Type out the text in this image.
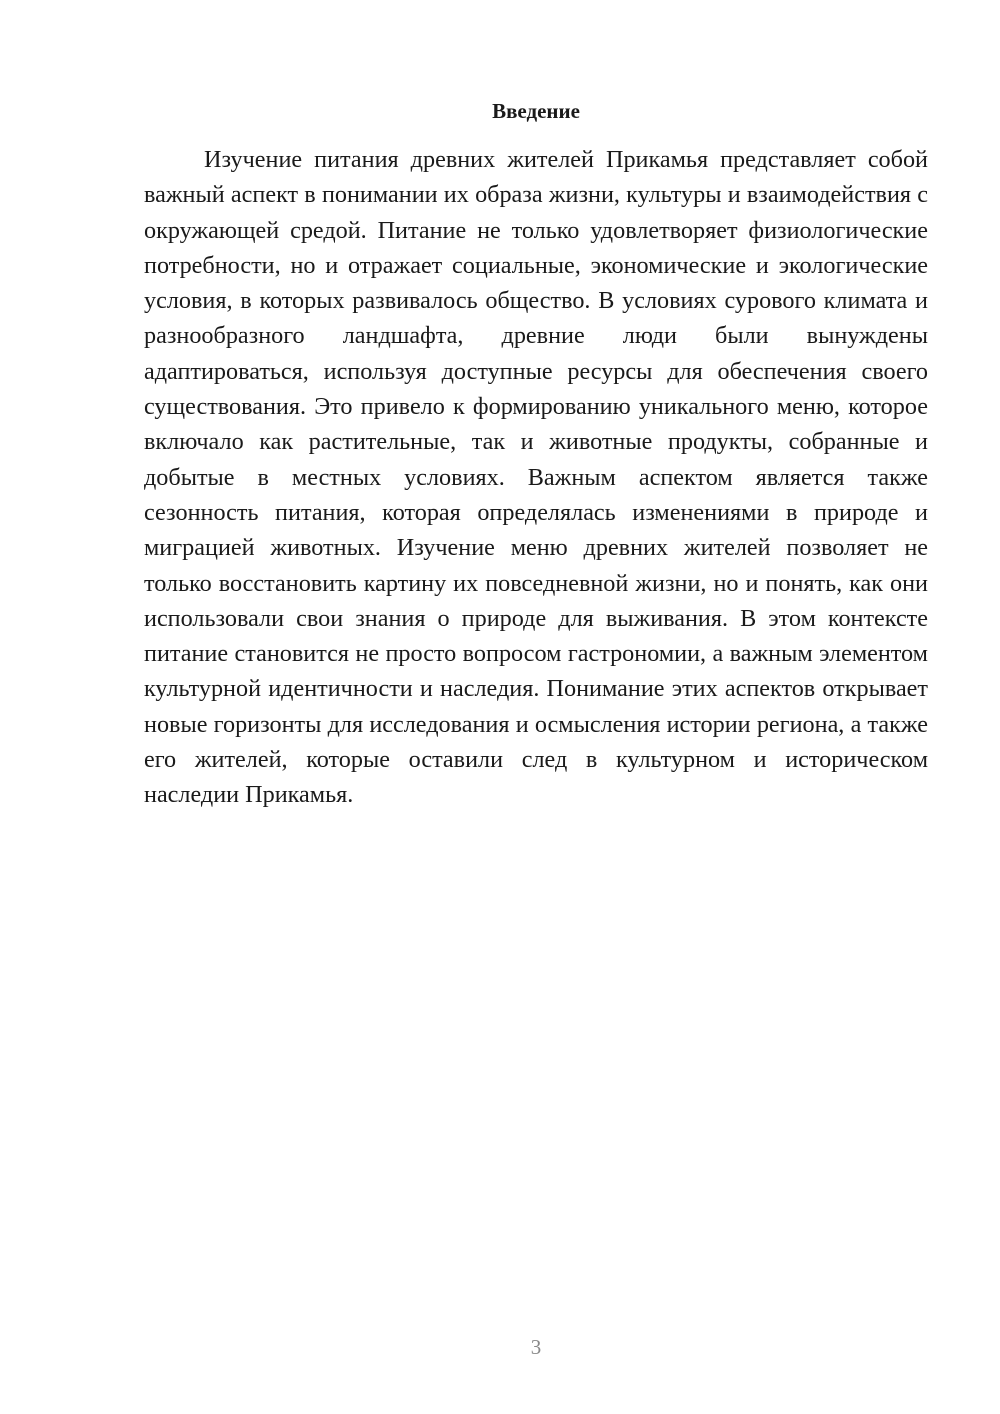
Введение

Изучение питания древних жителей Прикамья представляет собой важный аспект в понимании их образа жизни, культуры и взаимодействия с окружающей средой. Питание не только удовлетворяет физиологические потребности, но и отражает социальные, экономические и экологические условия, в которых развивалось общество. В условиях сурового климата и разнообразного ландшафта, древние люди были вынуждены адаптироваться, используя доступные ресурсы для обеспечения своего существования. Это привело к формированию уникального меню, которое включало как растительные, так и животные продукты, собранные и добытые в местных условиях. Важным аспектом является также сезонность питания, которая определялась изменениями в природе и миграцией животных. Изучение меню древних жителей позволяет не только восстановить картину их повседневной жизни, но и понять, как они использовали свои знания о природе для выживания. В этом контексте питание становится не просто вопросом гастрономии, а важным элементом культурной идентичности и наследия. Понимание этих аспектов открывает новые горизонты для исследования и осмысления истории региона, а также его жителей, которые оставили след в культурном и историческом наследии Прикамья.

3
